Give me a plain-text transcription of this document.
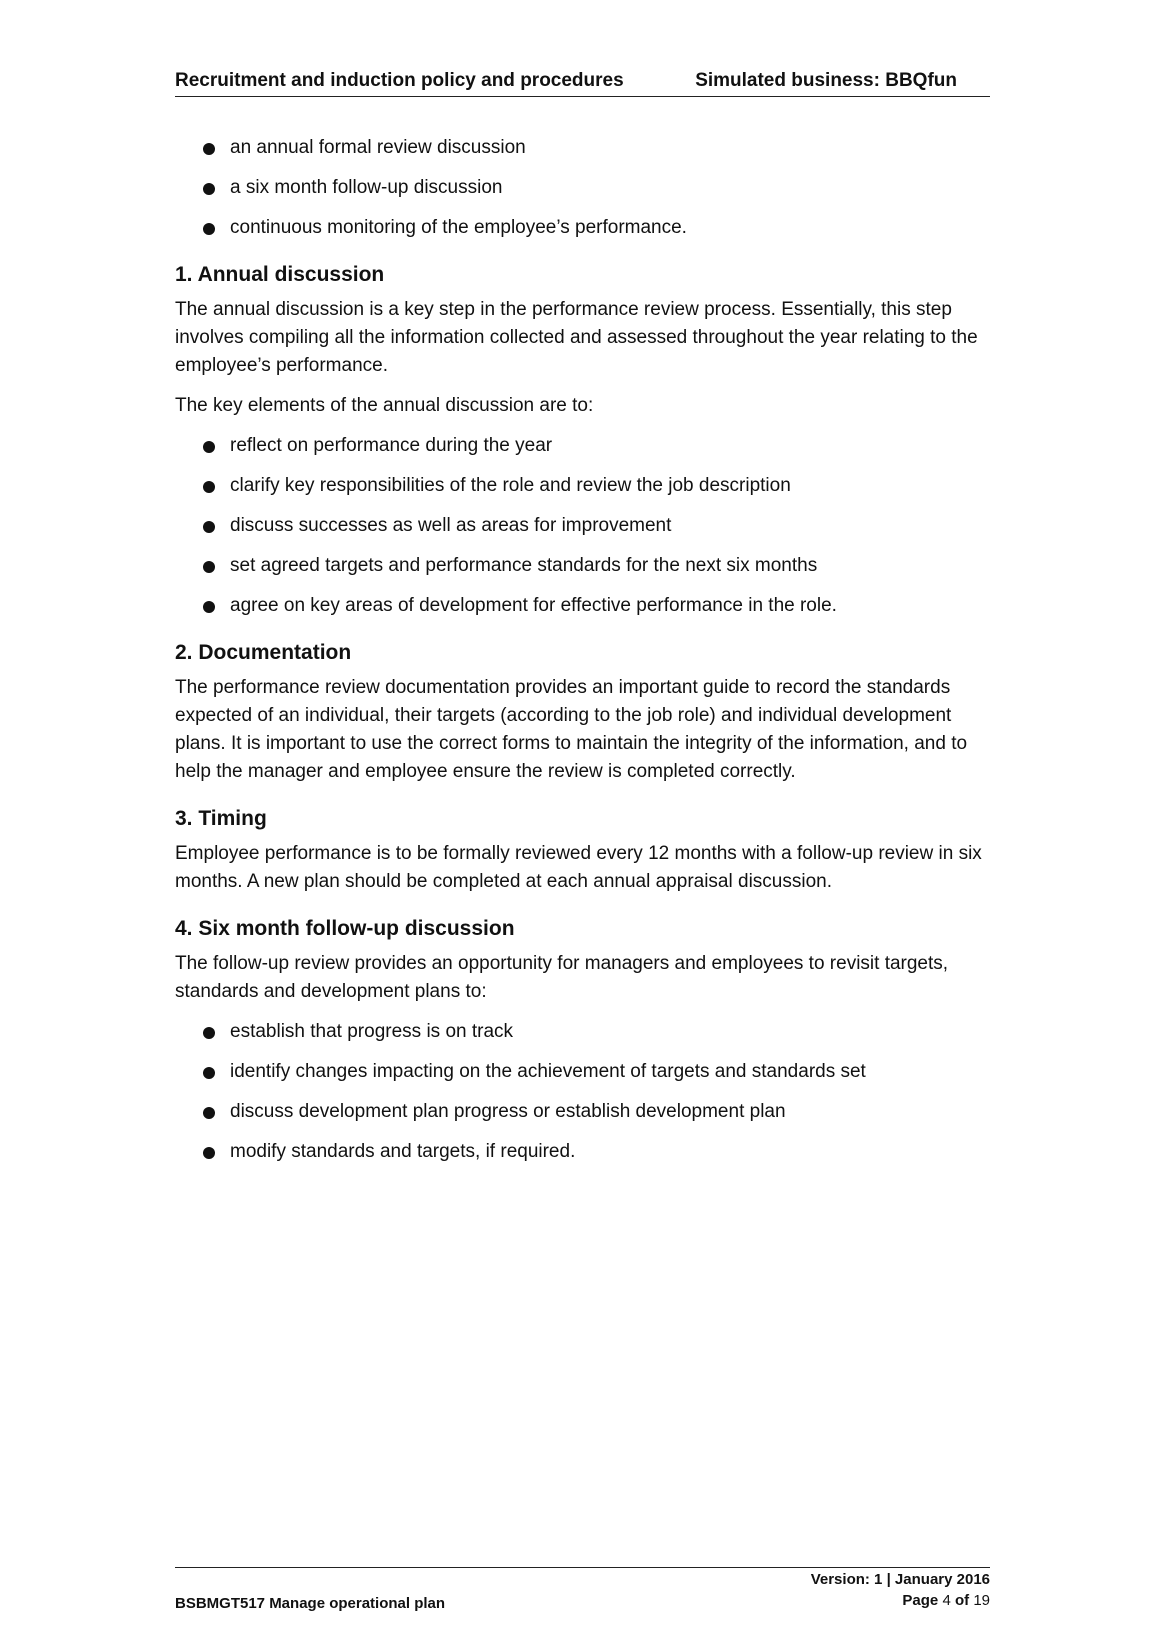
Recruitment and induction policy and procedures	Simulated business: BBQfun
an annual formal review discussion
a six month follow-up discussion
continuous monitoring of the employee’s performance.
1. Annual discussion

The annual discussion is a key step in the performance review process. Essentially, this step involves compiling all the information collected and assessed throughout the year relating to the employee’s performance.

The key elements of the annual discussion are to:

reflect on performance during the year
clarify key responsibilities of the role and review the job description
discuss successes as well as areas for improvement
set agreed targets and performance standards for the next six months
agree on key areas of development for effective performance in the role.
2. Documentation

The performance review documentation provides an important guide to record the standards expected of an individual, their targets (according to the job role) and individual development plans. It is important to use the correct forms to maintain the integrity of the information, and to help the manager and employee ensure the review is completed correctly.

3. Timing

Employee performance is to be formally reviewed every 12 months with a follow-up review in six months. A new plan should be completed at each annual appraisal discussion.

4. Six month follow-up discussion

The follow-up review provides an opportunity for managers and employees to revisit targets, standards and development plans to:

establish that progress is on track
identify changes impacting on the achievement of targets and standards set
discuss development plan progress or establish development plan
modify standards and targets, if required.
BSBMGT517 Manage operational plan
Version: 1 | January 2016
Page 4 of 19
